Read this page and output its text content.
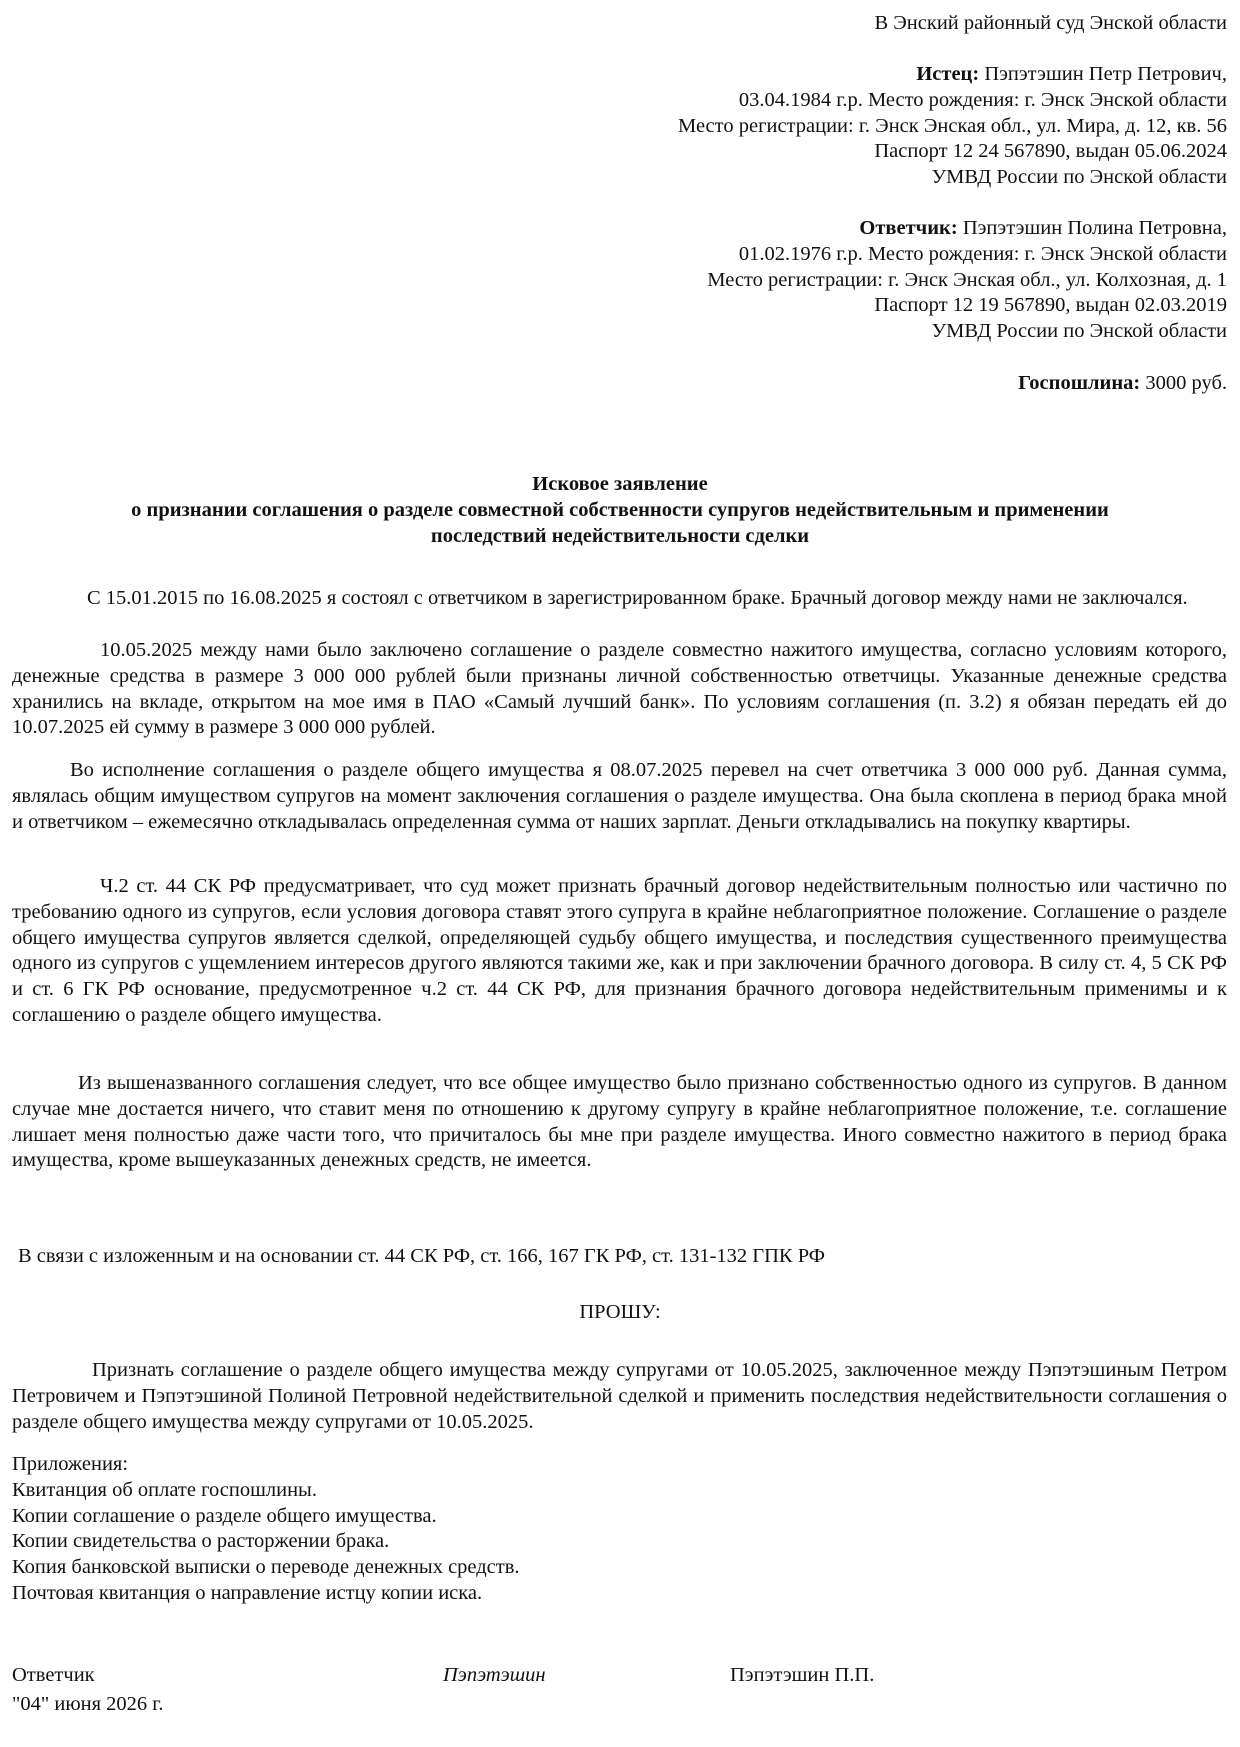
В Энский районный суд Энской области
Истец: Пэпэтэшин Петр Петрович,
03.04.1984 г.р. Место рождения: г. Энск Энской области
Место регистрации: г. Энск Энская обл., ул. Мира, д. 12, кв. 56
Паспорт 12 24 567890, выдан 05.06.2024
УМВД России по Энской области
Ответчик: Пэпэтэшин Полина Петровна,
01.02.1976 г.р. Место рождения: г. Энск Энской области
Место регистрации: г. Энск Энская обл., ул. Колхозная, д. 1
Паспорт 12 19 567890, выдан 02.03.2019
УМВД России по Энской области
Госпошлина: 3000 руб.
Исковое заявление
о признании соглашения о разделе совместной собственности супругов недействительным и применении
последствий недействительности сделки

С 15.01.2015 по 16.08.2025 я состоял с ответчиком в зарегистрированном браке. Брачный договор между нами не заключался.

10.05.2025 между нами было заключено соглашение о разделе совместно нажитого имущества, согласно условиям которого, денежные средства в размере 3 000 000 рублей были признаны личной собственностью ответчицы. Указанные денежные средства хранились на вкладе, открытом на мое имя в ПАО «Самый лучший банк». По условиям соглашения (п. 3.2) я обязан передать ей до 10.07.2025 ей сумму в размере 3 000 000 рублей.

Во исполнение соглашения о разделе общего имущества я 08.07.2025 перевел на счет ответчика 3 000 000 руб. Данная сумма, являлась общим имуществом супругов на момент заключения соглашения о разделе имущества. Она была скоплена в период брака мной и ответчиком – ежемесячно откладывалась определенная сумма от наших зарплат. Деньги откладывались на покупку квартиры.

Ч.2 ст. 44 СК РФ предусматривает, что суд может признать брачный договор недействительным полностью или частично по требованию одного из супругов, если условия договора ставят этого супруга в крайне неблагоприятное положение. Соглашение о разделе общего имущества супругов является сделкой, определяющей судьбу общего имущества, и последствия существенного преимущества одного из супругов с ущемлением интересов другого являются такими же, как и при заключении брачного договора. В силу ст. 4, 5 СК РФ и ст. 6 ГК РФ основание, предусмотренное ч.2 ст. 44 СК РФ, для признания брачного договора недействительным применимы и к соглашению о разделе общего имущества.

Из вышеназванного соглашения следует, что все общее имущество было признано собственностью одного из супругов. В данном случае мне достается ничего, что ставит меня по отношению к другому супругу в крайне неблагоприятное положение, т.е. соглашение лишает меня полностью даже части того, что причиталось бы мне при разделе имущества. Иного совместно нажитого в период брака имущества, кроме вышеуказанных денежных средств, не имеется.

В связи с изложенным и на основании ст. 44 СК РФ, ст. 166, 167 ГК РФ, ст. 131-132 ГПК РФ

ПРОШУ:

Признать соглашение о разделе общего имущества между супругами от 10.05.2025, заключенное между Пэпэтэшиным Петром Петровичем и Пэпэтэшиной Полиной Петровной недействительной сделкой и применить последствия недействительности соглашения о разделе общего имущества между супругами от 10.05.2025.

Приложения:
Квитанция об оплате госпошлины.
Копии соглашение о разделе общего имущества.
Копии свидетельства о расторжении брака.
Копия банковской выписки о переводе денежных средств.
Почтовая квитанция о направление истцу копии иска.

Ответчик	Пэпэтэшин	Пэпэтэшин П.П.

"04" июня 2026 г.
